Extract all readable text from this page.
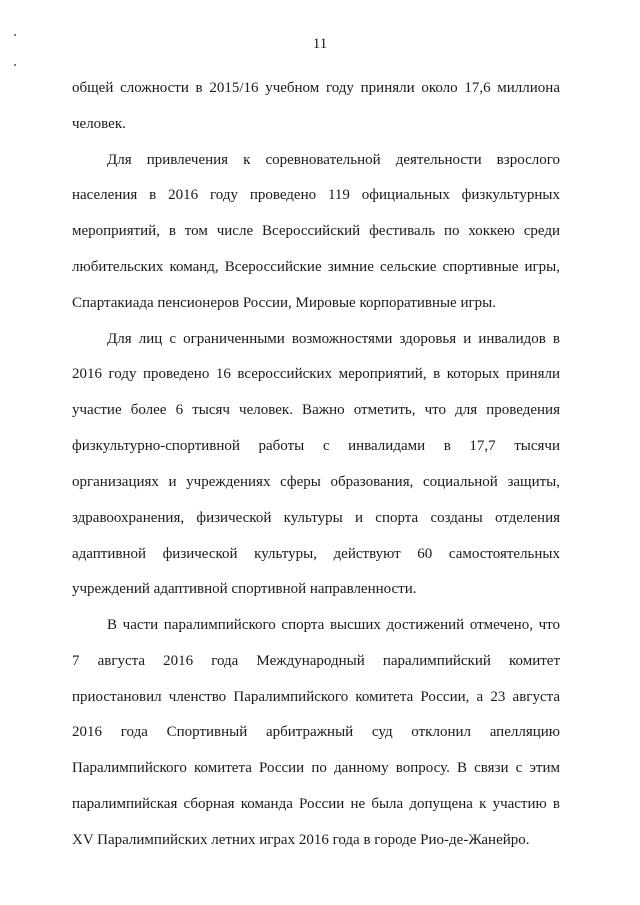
11
общей сложности в 2015/16 учебном году приняли около 17,6 миллиона
человек.
Для привлечения к соревновательной деятельности взрослого
населения в 2016 году проведено 119 официальных физкультурных
мероприятий, в том числе Всероссийский фестиваль по хоккею среди
любительских команд, Всероссийские зимние сельские спортивные игры,
Спартакиада пенсионеров России, Мировые корпоративные игры.
Для лиц с ограниченными возможностями здоровья и инвалидов в
2016 году проведено 16 всероссийских мероприятий, в которых приняли
участие более 6 тысяч человек. Важно отметить, что для проведения
физкультурно-спортивной работы с инвалидами в 17,7 тысячи
организациях и учреждениях сферы образования, социальной защиты,
здравоохранения, физической культуры и спорта созданы отделения
адаптивной физической культуры, действуют 60 самостоятельных
учреждений адаптивной спортивной направленности.
В части паралимпийского спорта высших достижений отмечено, что
7 августа 2016 года Международный паралимпийский комитет
приостановил членство Паралимпийского комитета России, а 23 августа
2016 года Спортивный арбитражный суд отклонил апелляцию
Паралимпийского комитета России по данному вопросу. В связи с этим
паралимпийская сборная команда России не была допущена к участию в
XV Паралимпийских летних играх 2016 года в городе Рио-де-Жанейро.
